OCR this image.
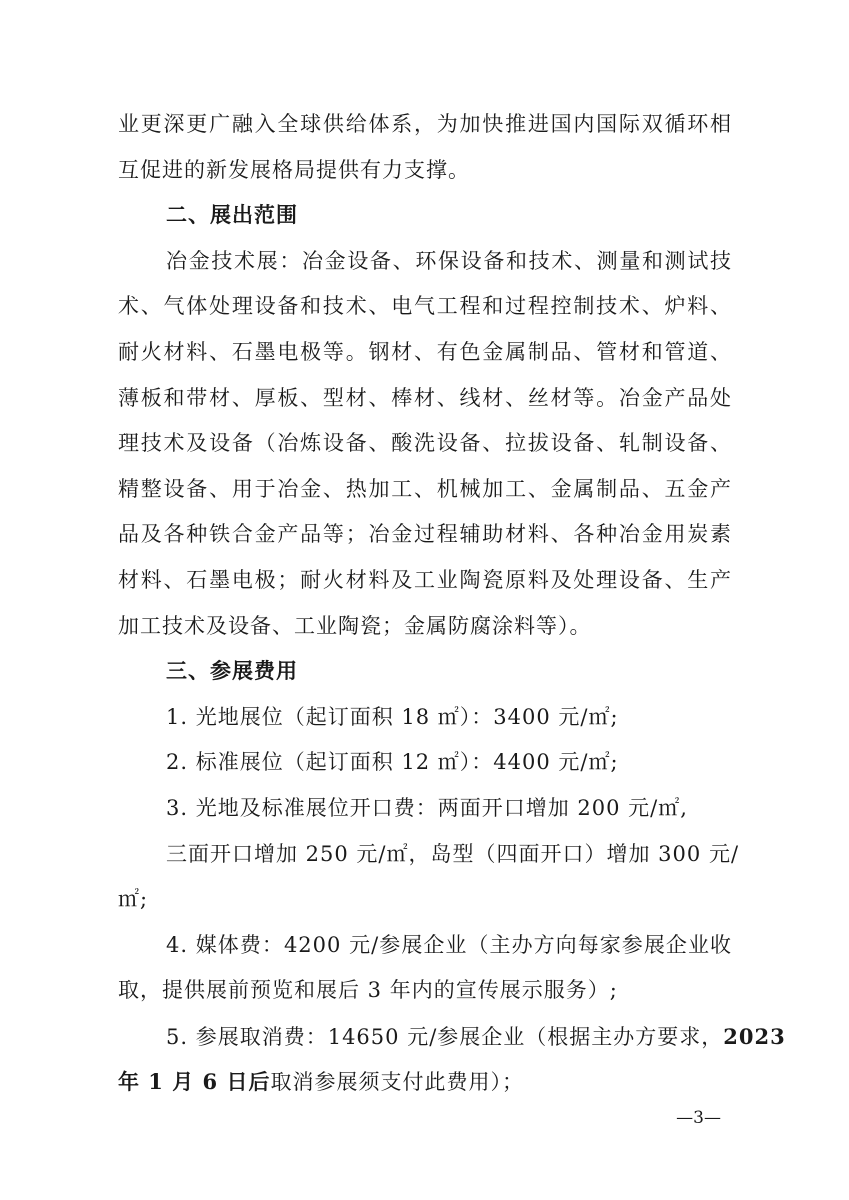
业更深更广融入全球供给体系，为加快推进国内国际双循环相
互促进的新发展格局提供有力支撑。
二、展出范围
冶金技术展：冶金设备、环保设备和技术、测量和测试技
术、气体处理设备和技术、电气工程和过程控制技术、炉料、
耐火材料、石墨电极等。钢材、有色金属制品、管材和管道、
薄板和带材、厚板、型材、棒材、线材、丝材等。冶金产品处
理技术及设备（冶炼设备、酸洗设备、拉拔设备、轧制设备、
精整设备、用于冶金、热加工、机械加工、金属制品、五金产
品及各种铁合金产品等；冶金过程辅助材料、各种冶金用炭素
材料、石墨电极；耐火材料及工业陶瓷原料及处理设备、生产
加工技术及设备、工业陶瓷；金属防腐涂料等）。
三、参展费用
1. 光地展位（起订面积 18 ㎡）：3400 元/㎡;
2. 标准展位（起订面积 12 ㎡）：4400 元/㎡;
3. 光地及标准展位开口费：两面开口增加 200 元/㎡,
三面开口增加 250 元/㎡，岛型（四面开口）增加 300 元/
㎡;
4. 媒体费：4200 元/参展企业（主办方向每家参展企业收
取，提供展前预览和展后 3 年内的宣传展示服务）;
5. 参展取消费：14650 元/参展企业（根据主办方要求，2023
年 1 月 6 日后取消参展须支付此费用）；
—3—
